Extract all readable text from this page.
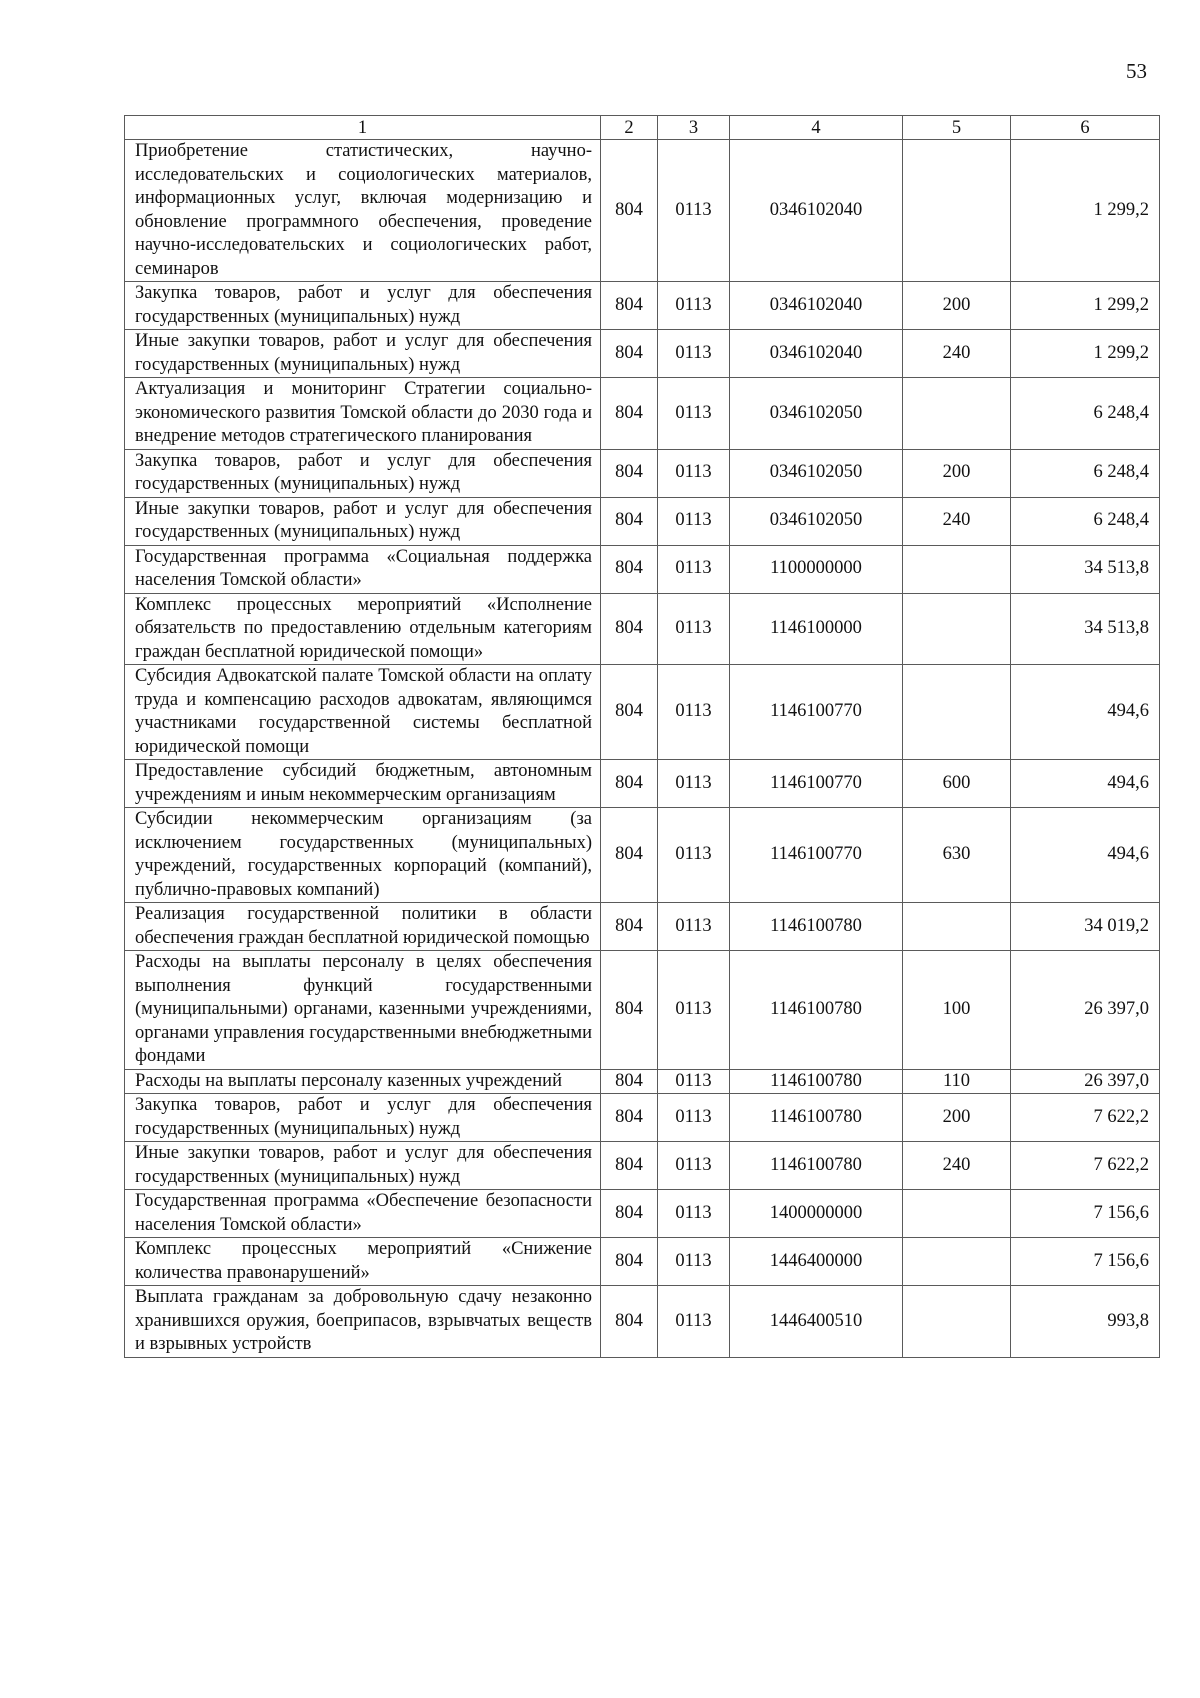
53
1	2	3	4	5	6
Приобретение статистических, научно-исследовательских и социологических материалов, информационных услуг, включая модернизацию и обновление программного обеспечения, проведение научно-исследовательских и социологических работ, семинаров	804	0113	0346102040		1 299,2
Закупка товаров, работ и услуг для обеспечения государственных (муниципальных) нужд	804	0113	0346102040	200	1 299,2
Иные закупки товаров, работ и услуг для обеспечения государственных (муниципальных) нужд	804	0113	0346102040	240	1 299,2
Актуализация и мониторинг Стратегии социально-экономического развития Томской области до 2030 года и внедрение методов стратегического планирования	804	0113	0346102050		6 248,4
Закупка товаров, работ и услуг для обеспечения государственных (муниципальных) нужд	804	0113	0346102050	200	6 248,4
Иные закупки товаров, работ и услуг для обеспечения государственных (муниципальных) нужд	804	0113	0346102050	240	6 248,4
Государственная программа «Социальная поддержка населения Томской области»	804	0113	1100000000		34 513,8
Комплекс процессных мероприятий «Исполнение обязательств по предоставлению отдельным категориям граждан бесплатной юридической помощи»	804	0113	1146100000		34 513,8
Субсидия Адвокатской палате Томской области на оплату труда и компенсацию расходов адвокатам, являющимся участниками государственной системы бесплатной юридической помощи	804	0113	1146100770		494,6
Предоставление субсидий бюджетным, автономным учреждениям и иным некоммерческим организациям	804	0113	1146100770	600	494,6
Субсидии некоммерческим организациям (за исключением государственных (муниципальных) учреждений, государственных корпораций (компаний), публично-правовых компаний)	804	0113	1146100770	630	494,6
Реализация государственной политики в области обеспечения граждан бесплатной юридической помощью	804	0113	1146100780		34 019,2
Расходы на выплаты персоналу в целях обеспечения выполнения функций государственными (муниципальными) органами, казенными учреждениями, органами управления государственными внебюджетными фондами	804	0113	1146100780	100	26 397,0
Расходы на выплаты персоналу казенных учреждений	804	0113	1146100780	110	26 397,0
Закупка товаров, работ и услуг для обеспечения государственных (муниципальных) нужд	804	0113	1146100780	200	7 622,2
Иные закупки товаров, работ и услуг для обеспечения государственных (муниципальных) нужд	804	0113	1146100780	240	7 622,2
Государственная программа «Обеспечение безопасности населения Томской области»	804	0113	1400000000		7 156,6
Комплекс процессных мероприятий «Снижение количества правонарушений»	804	0113	1446400000		7 156,6
Выплата гражданам за добровольную сдачу незаконно хранившихся оружия, боеприпасов, взрывчатых веществ и взрывных устройств	804	0113	1446400510		993,8
